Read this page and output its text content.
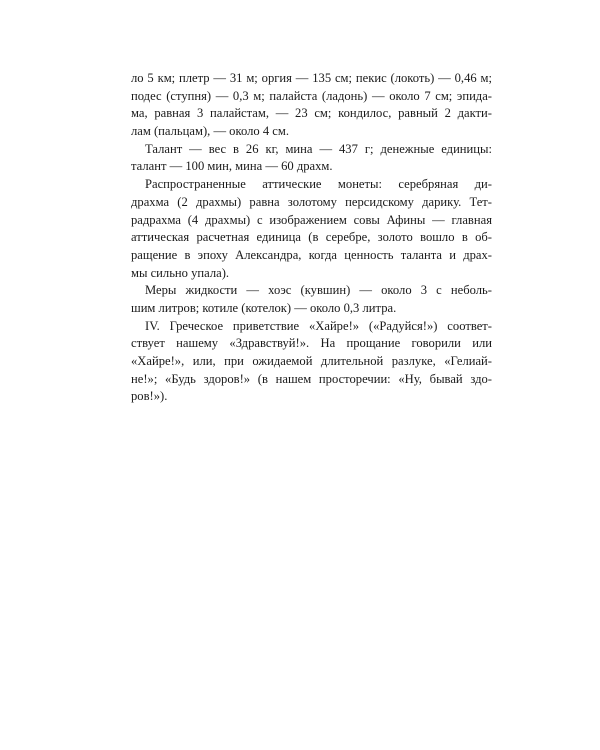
ло 5 км; плетр — 31 м; оргия — 135 см; пекис (локоть) — 0,46 м;
подес (ступня) — 0,3 м; палайста (ладонь) — около 7 см; эпида-
ма, равная 3 палайстам, — 23 см; кондилос, равный 2 дакти-
лам (пальцам), — около 4 см.

Талант — вес в 26 кг, мина — 437 г; денежные единицы:
талант — 100 мин, мина — 60 драхм.

Распространенные аттические монеты: серебряная ди-
драхма (2 драхмы) равна золотому персидскому дарику. Тет-
радрахма (4 драхмы) с изображением совы Афины — главная
аттическая расчетная единица (в серебре, золото вошло в об-
ращение в эпоху Александра, когда ценность таланта и драх-
мы сильно упала).

Меры жидкости — хоэс (кувшин) — около 3 с неболь-
шим литров; котиле (котелок) — около 0,3 литра.

IV. Греческое приветствие «Хайре!» («Радуйся!») соответ-
ствует нашему «Здравствуй!». На прощание говорили или
«Хайре!», или, при ожидаемой длительной разлуке, «Гелиай-
не!»; «Будь здоров!» (в нашем просторечии: «Ну, бывай здо-
ров!»).
